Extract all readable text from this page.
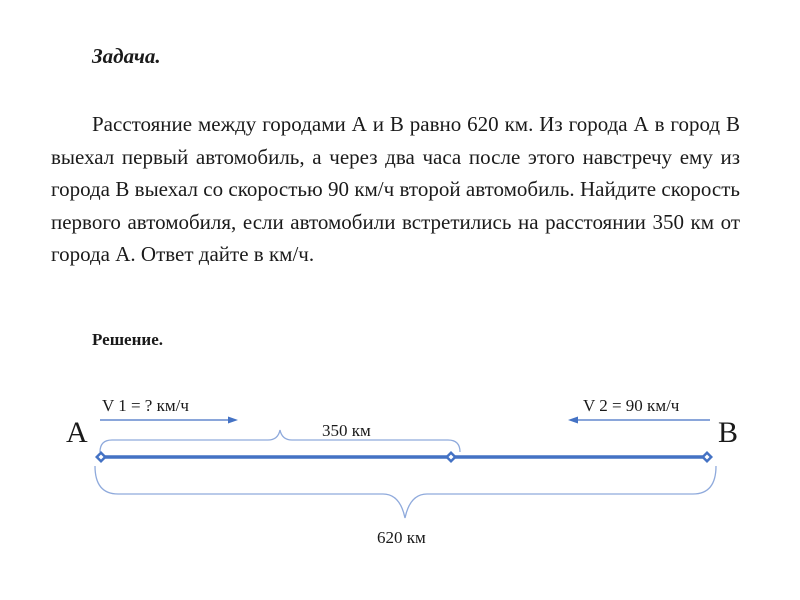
Задача.

Расстояние между городами А и В равно 620 км. Из города А в город В выехал первый автомобиль, а через два часа после этого навстречу ему из города В выехал со скоростью 90 км/ч второй автомобиль. Найдите скорость первого автомобиля, если автомобили встретились на расстоянии 350 км от города А. Ответ дайте в км/ч.

Решение.
А	В
V 1 = ? км/ч	V 2 = 90 км/ч
350 км
620 км
